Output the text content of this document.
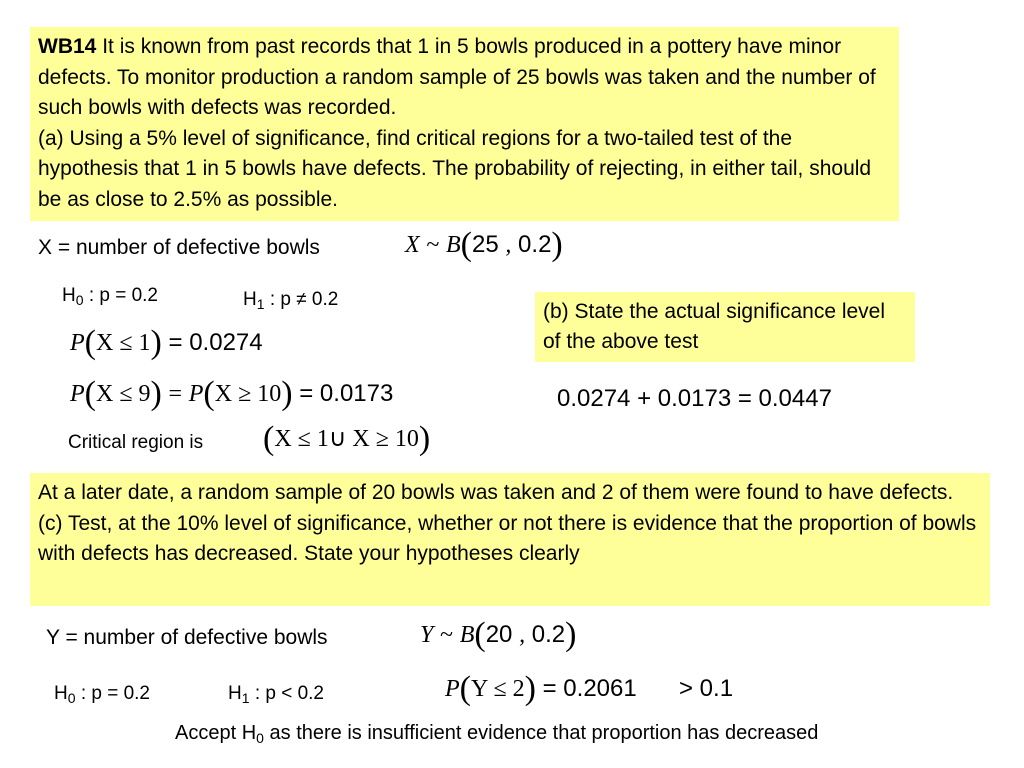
WB14 It is known from past records that 1 in 5 bowls produced in a pottery have minor defects. To monitor production a random sample of 25 bowls was taken and the number of such bowls with defects was recorded.
(a) Using a 5% level of significance, find critical regions for a two-tailed test of the hypothesis that 1 in 5 bowls have defects. The probability of rejecting, in either tail, should be as close to 2.5% as possible.
X = number of defective bowls	X ~ B(25 , 0.2)
$H_0$ : p = 0.2	$H_1$ : p ≠ 0.2
(b) State the actual significance level of the above test
0.0274 + 0.0173 = 0.0447
P(X ≤ 1) = 0.0274
P(X ≤ 9) = P(X ≥ 10) = 0.0173
Critical region is (X ≤ 1∪ X ≥ 10)
At a later date, a random sample of 20 bowls was taken and 2 of them were found to have defects.
(c) Test, at the 10% level of significance, whether or not there is evidence that the proportion of bowls with defects has decreased. State your hypotheses clearly
Y = number of defective bowls	Y ~ B(20 , 0.2)
$H_0$ : p = 0.2	$H_1$ : p < 0.2	P(Y ≤ 2) = 0.2061 > 0.1
Accept $H_0$ as there is insufficient evidence that proportion has decreased
